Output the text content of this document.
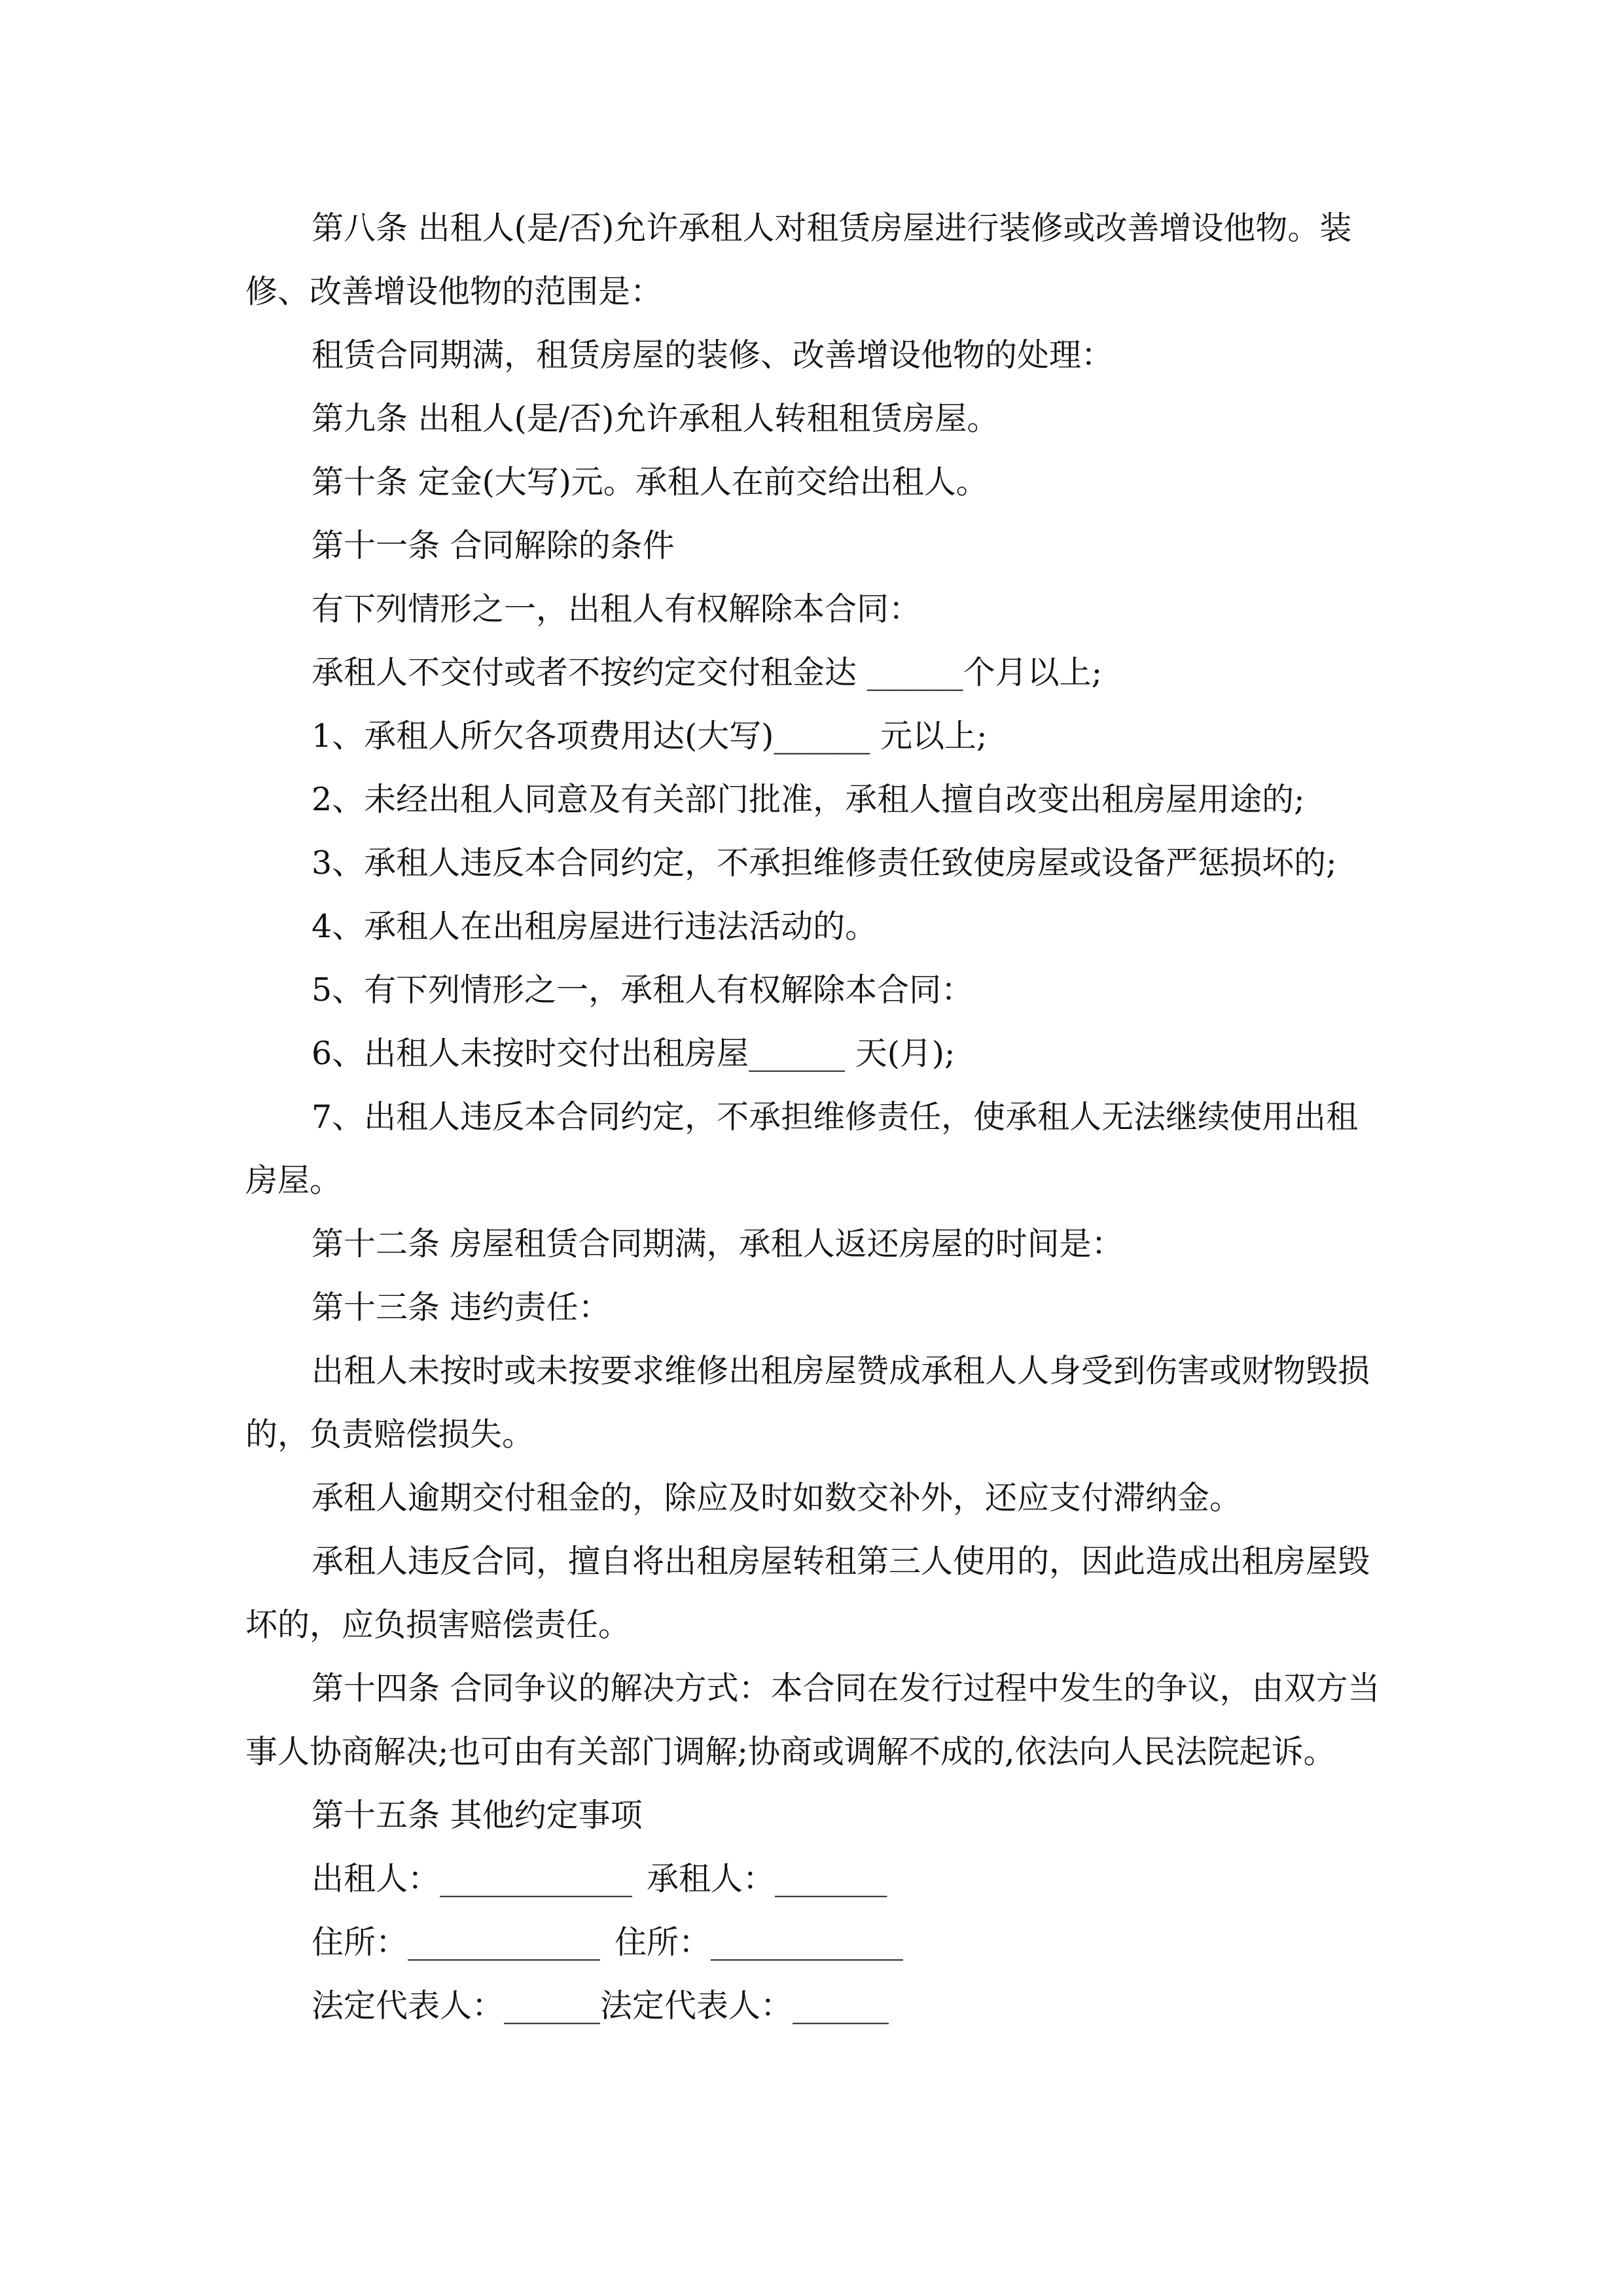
第八条 出租人(是/否)允许承租人对租赁房屋进行装修或改善增设他物。装修、改善增设他物的范围是：

租赁合同期满，租赁房屋的装修、改善增设他物的处理：

第九条 出租人(是/否)允许承租人转租租赁房屋。

第十条 定金(大写)元。承租人在前交给出租人。

第十一条 合同解除的条件

有下列情形之一，出租人有权解除本合同：

承租人不交付或者不按约定交付租金达 ______个月以上;

1、承租人所欠各项费用达(大写)______ 元以上;

2、未经出租人同意及有关部门批准，承租人擅自改变出租房屋用途的;

3、承租人违反本合同约定，不承担维修责任致使房屋或设备严惩损坏的;

4、承租人在出租房屋进行违法活动的。

5、有下列情形之一，承租人有权解除本合同：

6、出租人未按时交付出租房屋______ 天(月);

7、出租人违反本合同约定，不承担维修责任，使承租人无法继续使用出租房屋。

第十二条 房屋租赁合同期满，承租人返还房屋的时间是：

第十三条 违约责任：

出租人未按时或未按要求维修出租房屋赞成承租人人身受到伤害或财物毁损的，负责赔偿损失。

承租人逾期交付租金的，除应及时如数交补外，还应支付滞纳金。

承租人违反合同，擅自将出租房屋转租第三人使用的，因此造成出租房屋毁坏的，应负损害赔偿责任。

第十四条 合同争议的解决方式：本合同在发行过程中发生的争议，由双方当事人协商解决;也可由有关部门调解;协商或调解不成的,依法向人民法院起诉。

第十五条 其他约定事项

出租人：____________ 承租人：_______
住所：____________ 住所：____________
法定代表人：______法定代表人：______
